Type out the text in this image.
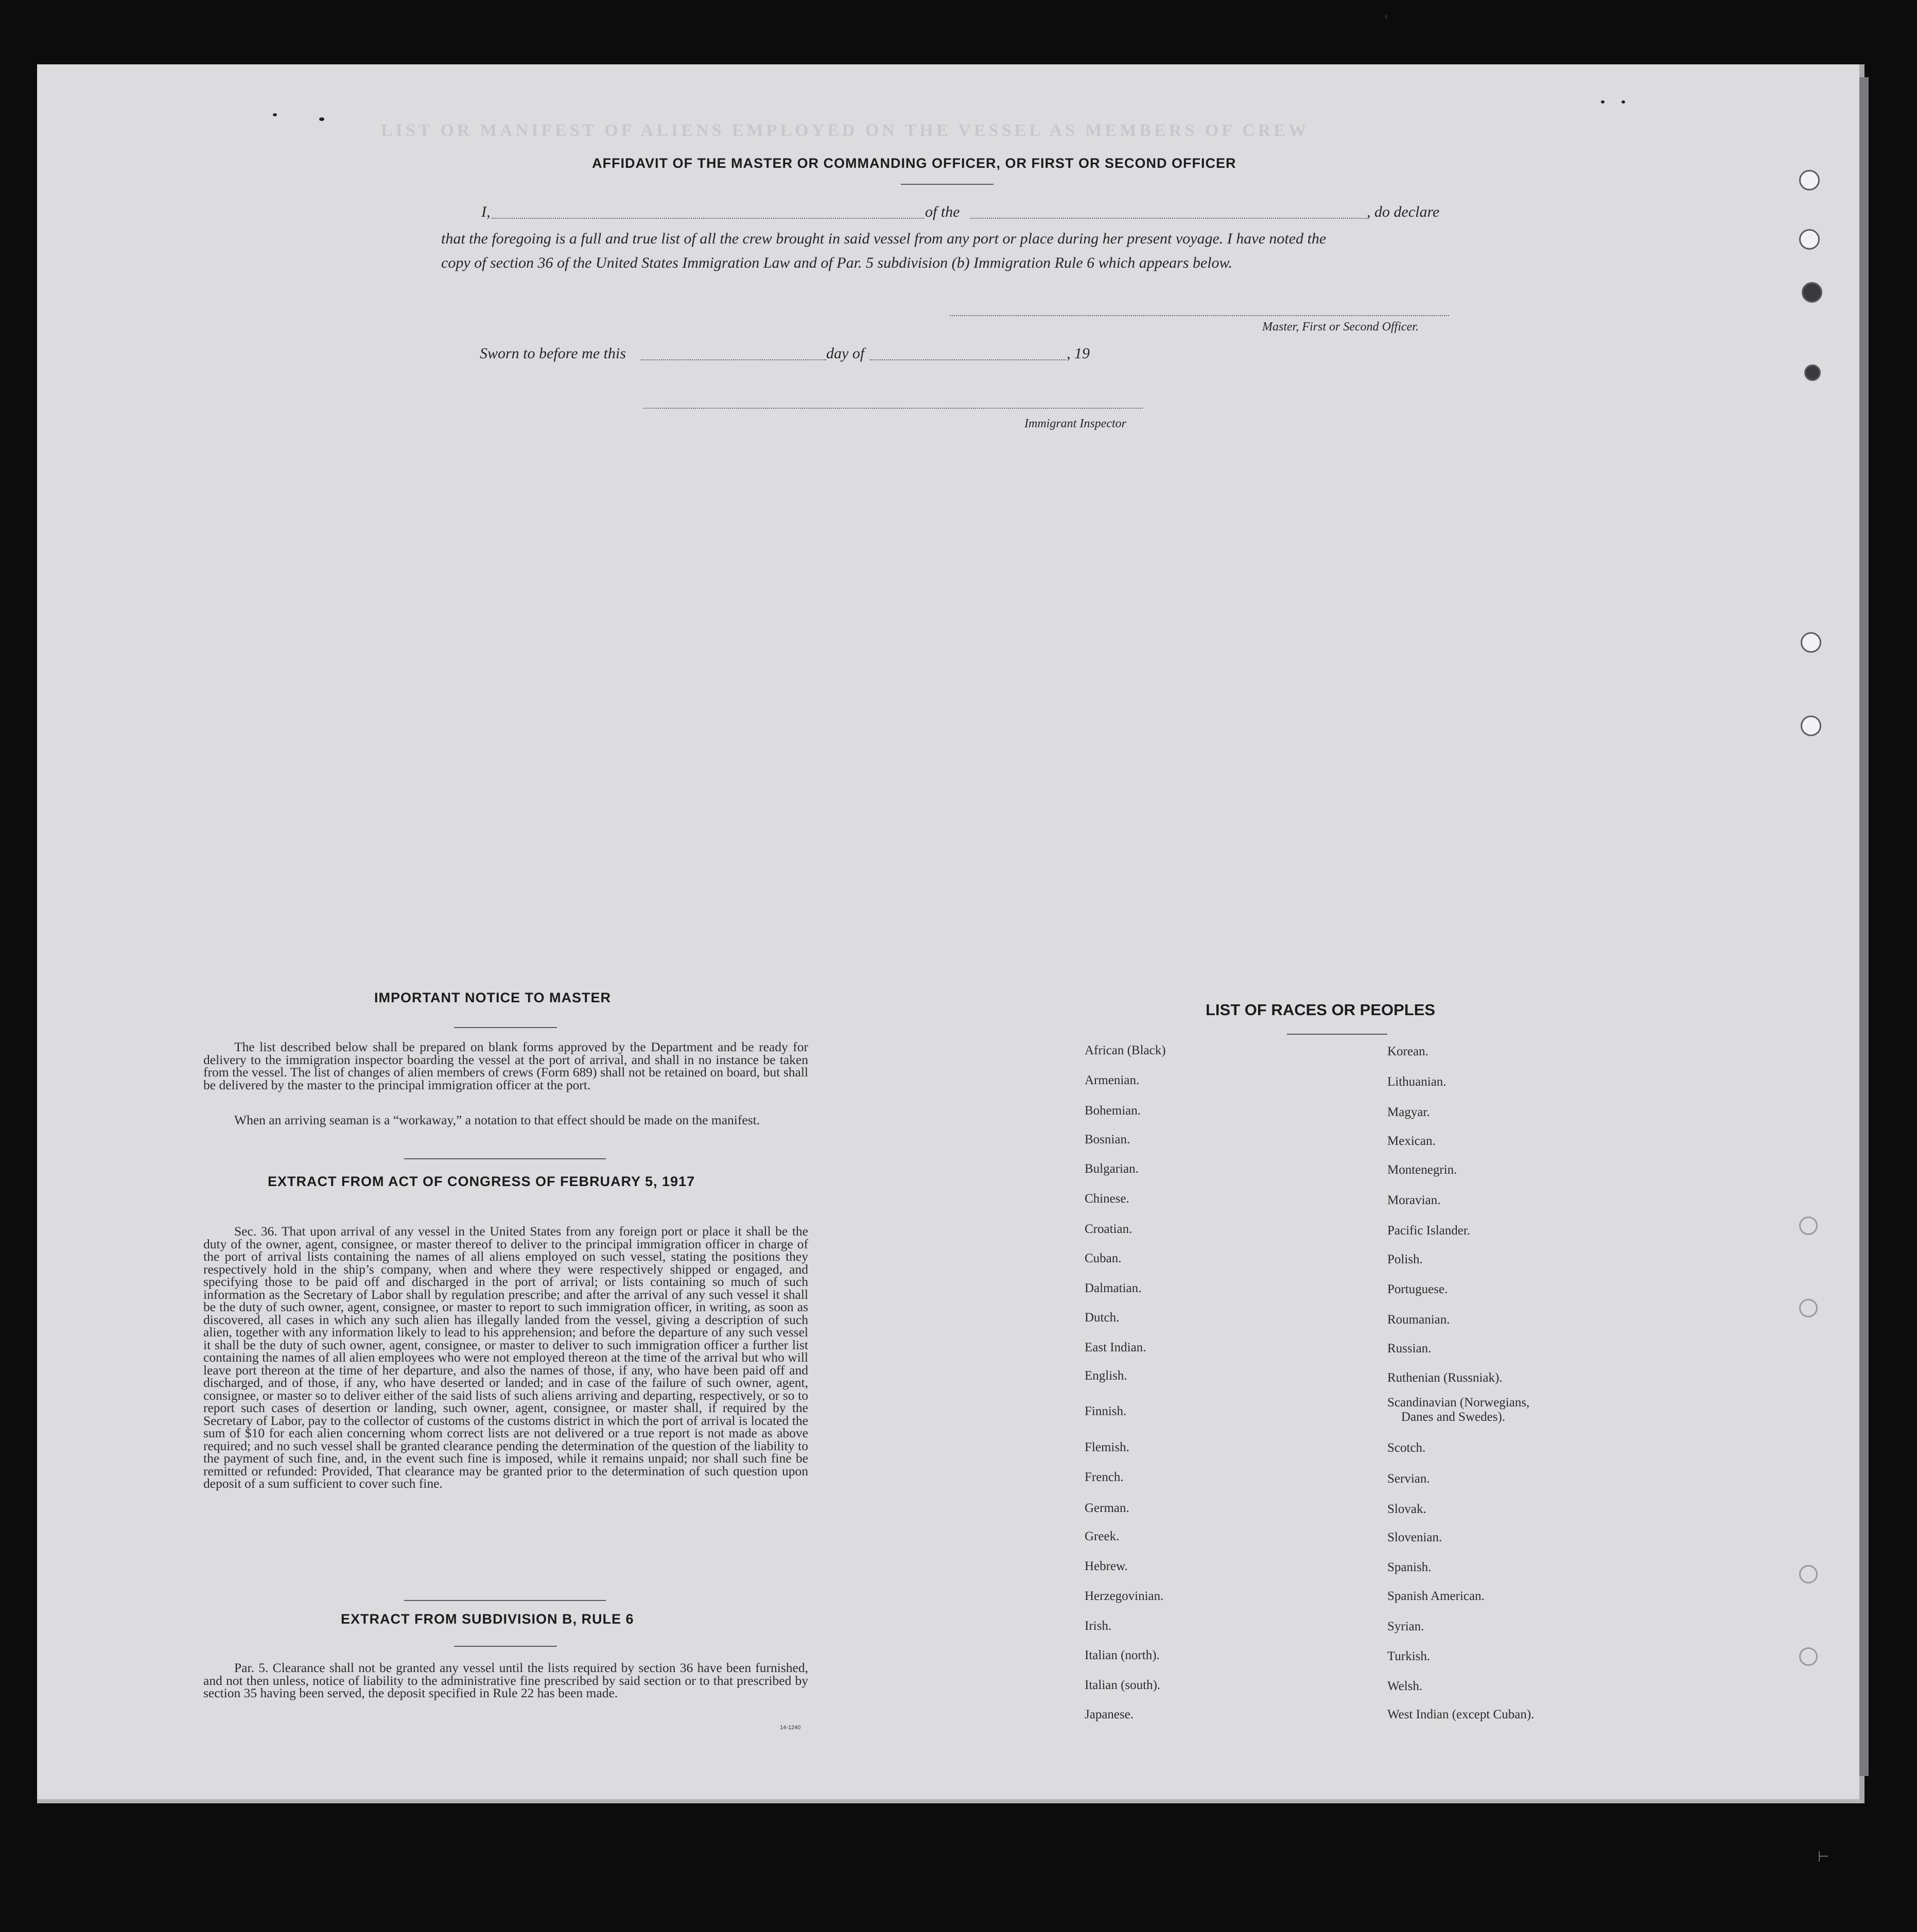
LIST OR MANIFEST OF ALIENS EMPLOYED ON THE VESSEL AS MEMBERS OF CREW
AFFIDAVIT OF THE MASTER OR COMMANDING OFFICER, OR FIRST OR SECOND OFFICER
I,	of the	, do declare
that the foregoing is a full and true list of all the crew brought in said vessel from any port or place during her present voyage. I have noted the
copy of section 36 of the United States Immigration Law and of Par. 5 subdivision (b) Immigration Rule 6 which appears below.
Master, First or Second Officer.
Sworn to before me this	day of	, 19
Immigrant Inspector
IMPORTANT NOTICE TO MASTER

The list described below shall be prepared on blank forms approved by the Department and be ready for delivery to the immigration inspector boarding the vessel at the port of arrival, and shall in no instance be taken from the vessel. The list of changes of alien members of crews (Form 689) shall not be retained on board, but shall be delivered by the master to the principal immigration officer at the port.

When an arriving seaman is a “workaway,” a notation to that effect should be made on the manifest.

EXTRACT FROM ACT OF CONGRESS OF FEBRUARY 5, 1917

Sec. 36. That upon arrival of any vessel in the United States from any foreign port or place it shall be the duty of the owner, agent, consignee, or master thereof to deliver to the principal immigration officer in charge of the port of arrival lists containing the names of all aliens employed on such vessel, stating the positions they respectively hold in the ship’s company, when and where they were respectively shipped or engaged, and specifying those to be paid off and discharged in the port of arrival; or lists containing so much of such information as the Secretary of Labor shall by regulation prescribe; and after the arrival of any such vessel it shall be the duty of such owner, agent, consignee, or master to report to such immigration officer, in writing, as soon as discovered, all cases in which any such alien has illegally landed from the vessel, giving a description of such alien, together with any information likely to lead to his apprehension; and before the departure of any such vessel it shall be the duty of such owner, agent, consignee, or master to deliver to such immigration officer a further list containing the names of all alien employees who were not employed thereon at the time of the arrival but who will leave port thereon at the time of her departure, and also the names of those, if any, who have been paid off and discharged, and of those, if any, who have deserted or landed; and in case of the failure of such owner, agent, consignee, or master so to deliver either of the said lists of such aliens arriving and departing, respectively, or so to report such cases of desertion or landing, such owner, agent, consignee, or master shall, if required by the Secretary of Labor, pay to the collector of customs of the customs district in which the port of arrival is located the sum of $10 for each alien concerning whom correct lists are not delivered or a true report is not made as above required; and no such vessel shall be granted clearance pending the determination of the question of the liability to the payment of such fine, and, in the event such fine is imposed, while it remains unpaid; nor shall such fine be remitted or refunded: Provided, That clearance may be granted prior to the determination of such question upon deposit of a sum sufficient to cover such fine.

EXTRACT FROM SUBDIVISION B, RULE 6

Par. 5. Clearance shall not be granted any vessel until the lists required by section 36 have been furnished, and not then unless, notice of liability to the administrative fine prescribed by said section or to that prescribed by section 35 having been served, the deposit specified in Rule 22 has been made.

14-1240
LIST OF RACES OR PEOPLES
African (Black)
Armenian.
Bohemian.
Bosnian.
Bulgarian.
Chinese.
Croatian.
Cuban.
Dalmatian.
Dutch.
East Indian.
English.
Finnish.
Flemish.
French.
German.
Greek.
Hebrew.
Herzegovinian.
Irish.
Italian (north).
Italian (south).
Japanese.
Korean.
Lithuanian.
Magyar.
Mexican.
Montenegrin.
Moravian.
Pacific Islander.
Polish.
Portuguese.
Roumanian.
Russian.
Ruthenian (Russniak).
Scandinavian (Norwegians,
Danes and Swedes).
Scotch.
Servian.
Slovak.
Slovenian.
Spanish.
Spanish American.
Syrian.
Turkish.
Welsh.
West Indian (except Cuban).
⊢
